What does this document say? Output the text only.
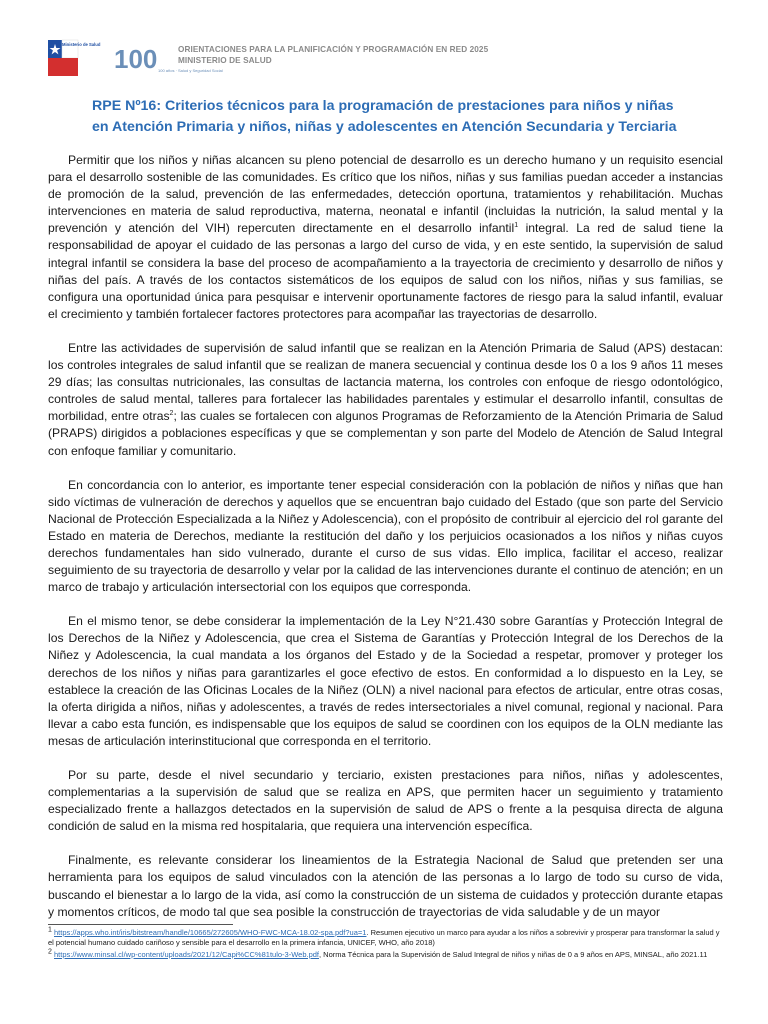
Ministerio de Salud 100 100 años · Salud y Seguridad Social
ORIENTACIONES PARA LA PLANIFICACIÓN Y PROGRAMACIÓN EN RED 2025
MINISTERIO DE SALUD
RPE Nº16: Criterios técnicos para la programación de prestaciones para niños y niñas
en Atención Primaria y niños, niñas y adolescentes en Atención Secundaria y Terciaria

Permitir que los niños y niñas alcancen su pleno potencial de desarrollo es un derecho humano y un requisito esencial para el desarrollo sostenible de las comunidades. Es crítico que los niños, niñas y sus familias puedan acceder a instancias de promoción de la salud, prevención de las enfermedades, detección oportuna, tratamientos y rehabilitación. Muchas intervenciones en materia de salud reproductiva, materna, neonatal e infantil (incluidas la nutrición, la salud mental y la prevención y atención del VIH) repercuten directamente en el desarrollo infantil$^1$ integral. La red de salud tiene la responsabilidad de apoyar el cuidado de las personas a largo del curso de vida, y en este sentido, la supervisión de salud integral infantil se considera la base del proceso de acompañamiento a la trayectoria de crecimiento y desarrollo de niños y niñas del país. A través de los contactos sistemáticos de los equipos de salud con los niños, niñas y sus familias, se configura una oportunidad única para pesquisar e intervenir oportunamente factores de riesgo para la salud infantil, evaluar el crecimiento y también fortalecer factores protectores para acompañar las trayectorias de desarrollo.

Entre las actividades de supervisión de salud infantil que se realizan en la Atención Primaria de Salud (APS) destacan: los controles integrales de salud infantil que se realizan de manera secuencial y continua desde los 0 a los 9 años 11 meses 29 días; las consultas nutricionales, las consultas de lactancia materna, los controles con enfoque de riesgo odontológico, controles de salud mental, talleres para fortalecer las habilidades parentales y estimular el desarrollo infantil, consultas de morbilidad, entre otras$^2$; las cuales se fortalecen con algunos Programas de Reforzamiento de la Atención Primaria de Salud (PRAPS) dirigidos a poblaciones específicas y que se complementan y son parte del Modelo de Atención de Salud Integral con enfoque familiar y comunitario.

En concordancia con lo anterior, es importante tener especial consideración con la población de niños y niñas que han sido víctimas de vulneración de derechos y aquellos que se encuentran bajo cuidado del Estado (que son parte del Servicio Nacional de Protección Especializada a la Niñez y Adolescencia), con el propósito de contribuir al ejercicio del rol garante del Estado en materia de Derechos, mediante la restitución del daño y los perjuicios ocasionados a los niños y niñas cuyos derechos fundamentales han sido vulnerado, durante el curso de sus vidas. Ello implica, facilitar el acceso, realizar seguimiento de su trayectoria de desarrollo y velar por la calidad de las intervenciones durante el continuo de atención; en un marco de trabajo y articulación intersectorial con los equipos que corresponda.

En el mismo tenor, se debe considerar la implementación de la Ley N°21.430 sobre Garantías y Protección Integral de los Derechos de la Niñez y Adolescencia, que crea el Sistema de Garantías y Protección Integral de los Derechos de la Niñez y Adolescencia, la cual mandata a los órganos del Estado y de la Sociedad a respetar, promover y proteger los derechos de los niños y niñas para garantizarles el goce efectivo de estos. En conformidad a lo dispuesto en la Ley, se establece la creación de las Oficinas Locales de la Niñez (OLN) a nivel nacional para efectos de articular, entre otras cosas, la oferta dirigida a niños, niñas y adolescentes, a través de redes intersectoriales a nivel comunal, regional y nacional. Para llevar a cabo esta función, es indispensable que los equipos de salud se coordinen con los equipos de la OLN mediante las mesas de articulación interinstitucional que corresponda en el territorio.

Por su parte, desde el nivel secundario y terciario, existen prestaciones para niños, niñas y adolescentes, complementarias a la supervisión de salud que se realiza en APS, que permiten hacer un seguimiento y tratamiento especializado frente a hallazgos detectados en la supervisión de salud de APS o frente a la pesquisa directa de alguna condición de salud en la misma red hospitalaria, que requiera una intervención específica.

Finalmente, es relevante considerar los lineamientos de la Estrategia Nacional de Salud que pretenden ser una herramienta para los equipos de salud vinculados con la atención de las personas a lo largo de todo su curso de vida, buscando el bienestar a lo largo de la vida, así como la construcción de un sistema de cuidados y protección durante etapas y momentos críticos, de modo tal que sea posible la construcción de trayectorias de vida saludable y de un mayor

$^1$ https://apps.who.int/iris/bitstream/handle/10665/272605/WHO-FWC-MCA-18.02-spa.pdf?ua=1. Resumen ejecutivo un marco para ayudar a los niños a sobrevivir y prosperar para transformar la salud y el potencial humano cuidado cariñoso y sensible para el desarrollo en la primera infancia, UNICEF, WHO, año 2018)

$^2$ https://www.minsal.cl/wp-content/uploads/2021/12/Capi%CC%81tulo-3-Web.pdf, Norma Técnica para la Supervisión de Salud Integral de niños y niñas de 0 a 9 años en APS, MINSAL, año 2021.11
